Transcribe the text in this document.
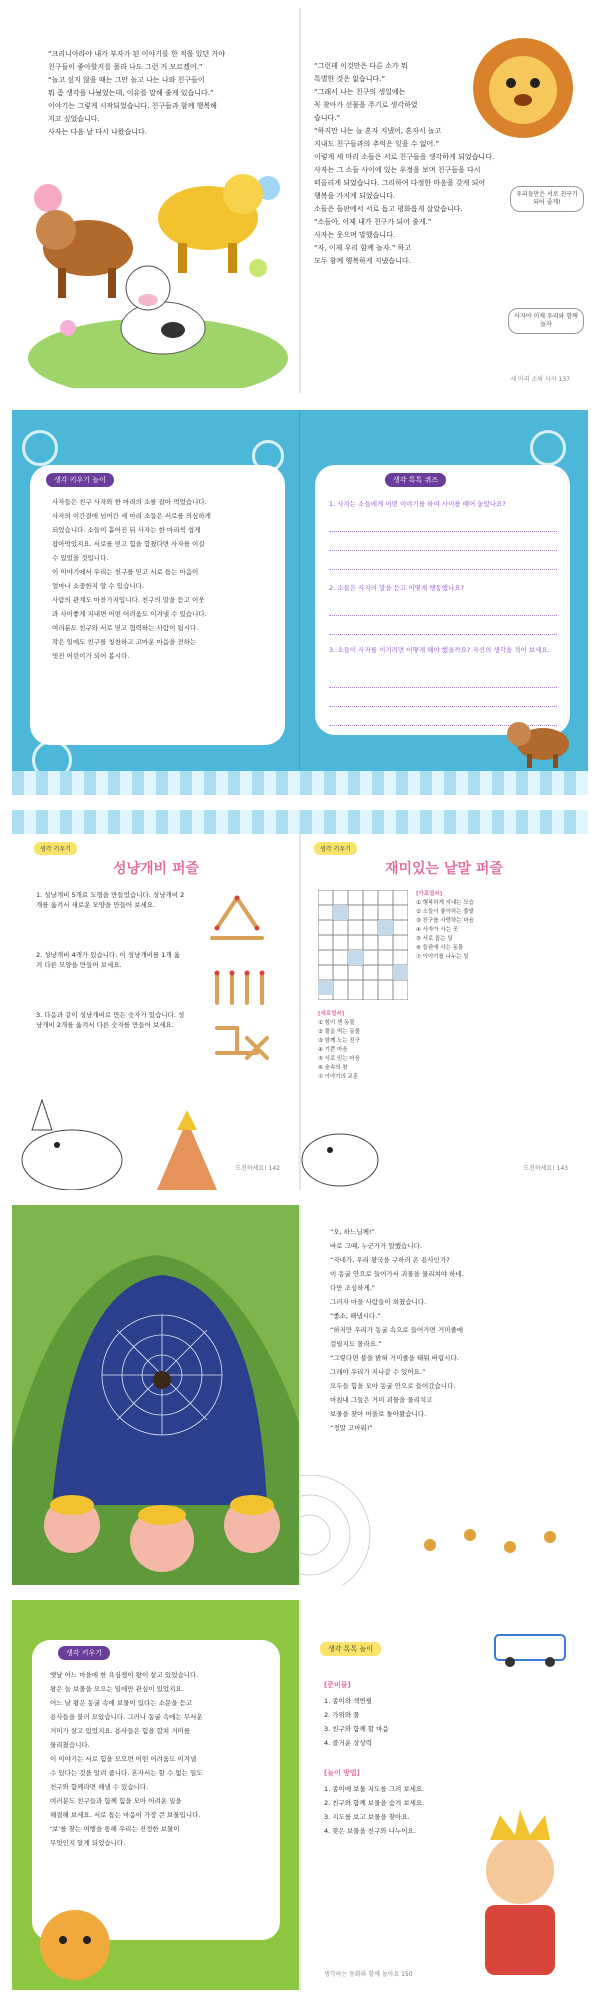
“크리니아라야 내가 부자가 된 이야기를 한 적을 있던 거야

친구들이 좋아할지를 몰라 나도 그런 거 모르겠어.”

“놀고 싶지 않을 때는 그만 놀고 나는 나와 친구들이

뭐 좀 생각을 나눴었는데, 이유를 말해 줄게 있습니다.”

이야기는 그렇게 시작되었습니다. 친구들과 함께 행복해

지고 싶었습니다.

사자는 다음 날 다시 나왔습니다.

“그런데 이것만은 다른 소가 뭐

특별한 것은 없습니다.”

“그래서 나는 친구의 생일에는

꼭 찾아가 선물을 주기로 생각하였

습니다.”

“하지만 나는 늘 혼자 지냈어, 혼자서 놀고

지내도 친구들과의 추억은 잊을 수 없어.”

이렇게 세 마리 소들은 서로 친구들을 생각하게 되었습니다.

사자는 그 소들 사이에 있는 우정을 보며 친구들을 다시

떠올리게 되었습니다. 그리하여 다정한 마음을 갖게 되어

행복을 가지게 되었습니다.

소들은 들판에서 서로 돕고 평화롭게 살았습니다.

“소들아, 이제 내가 친구가 되어 줄게.”

사자는 웃으며 말했습니다.

“자, 이제 우리 함께 놀자.” 하고

모두 함께 행복하게 지냈습니다.

우리들만은 서로 친구가 되어 줄게!
사자야 이제 우리와 함께 놀자
세 마리 소와 사자 137
생각 키우기 놀이

사자들은 친구 사자와 한 마리의 소를 잡아 먹었습니다.

사자의 이간질에 넘어간 세 마리 소들은 서로를 의심하게

되었습니다. 소들이 흩어진 뒤 사자는 한 마리씩 쉽게

잡아먹었지요. 서로를 믿고 힘을 합쳤다면 사자를 이길

수 있었을 것입니다.

이 이야기에서 우리는 친구를 믿고 서로 돕는 마음이

얼마나 소중한지 알 수 있습니다.

사람의 관계도 마찬가지입니다. 친구의 말을 듣고 이웃

과 사이좋게 지내면 어떤 어려움도 이겨낼 수 있습니다.

여러분도 친구와 서로 믿고 협력하는 사람이 됩시다.

작은 일에도 친구를 칭찬하고 고마운 마음을 전하는

멋진 어린이가 되어 봅시다.

생각 톡톡 퀴즈
1. 사자는 소들에게 어떤 이야기를 하여 사이를 떼어 놓았나요?
2. 소들은 사자의 말을 듣고 어떻게 행동했나요?
3. 소들이 사자를 이기려면 어떻게 해야 했을까요? 자신의 생각을 적어 보세요.
생각 키우기
성냥개비 퍼즐
1. 성냥개비 5개로 도형을 만들었습니다. 성냥개비 2개를 옮겨서 새로운 모양을 만들어 보세요.
2. 성냥개비 4개가 있습니다. 이 성냥개비를 1개 옮겨 다른 모양을 만들어 보세요.
3. 다음과 같이 성냥개비로 만든 숫자가 있습니다. 성냥개비 2개를 옮겨서 다른 숫자를 만들어 보세요.
도전하세요! 142
생각 키우기
재미있는 낱말 퍼즐
[가로열쇠]
① 행복하게 지내는 모습
② 소들이 좋아하는 풀밭
③ 친구를 사랑하는 마음
④ 사자가 사는 곳
⑤ 서로 돕는 일
⑥ 들판에 사는 동물
⑦ 이야기를 나누는 일
[세로열쇠]
① 힘이 센 동물
② 풀을 먹는 동물
③ 함께 노는 친구
④ 기쁜 마음
⑤ 서로 믿는 마음
⑥ 숲속의 왕
⑦ 이야기의 교훈
도전하세요! 143

“오, 하느님께!”

바로 그때, 누군가가 말했습니다.

“자네가, 우리 왕국을 구하러 온 용사인가?

이 동굴 안으로 들어가서 괴물을 물리쳐야 하네.

다만 조심하게.”

그러자 마을 사람들이 외쳤습니다.

“좋소, 해냅시다.”

“하지만 우리가 동굴 속으로 들어가면 거미줄에

걸릴지도 몰라요.”

“그렇다면 불을 밝혀 거미줄을 태워 버립시다.

그래야 우리가 지나갈 수 있어요.”

모두들 힘을 모아 동굴 안으로 들어갔습니다.

마침내 그들은 거미 괴물을 물리치고

보물을 찾아 마을로 돌아왔습니다.

“정말 고마워!”

생각 키우기

옛날 어느 마을에 한 욕심쟁이 왕이 살고 있었습니다.

왕은 늘 보물을 모으는 일에만 관심이 있었지요.

어느 날 왕은 동굴 속에 보물이 있다는 소문을 듣고

용사들을 불러 모았습니다. 그러나 동굴 속에는 무서운

거미가 살고 있었지요. 용사들은 힘을 합쳐 거미를

물리쳤습니다.

이 이야기는 서로 힘을 모으면 어떤 어려움도 이겨낼

수 있다는 것을 알려 줍니다. 혼자서는 할 수 없는 일도

친구와 함께라면 해낼 수 있습니다.

여러분도 친구들과 함께 힘을 모아 어려운 일을

해결해 보세요. 서로 돕는 마음이 가장 큰 보물입니다.

‘보’를 찾는 여행을 통해 우리는 진정한 보물이

무엇인지 알게 되었습니다.

생각 톡톡 놀이
[준비물]

1. 종이와 색연필

2. 가위와 풀

3. 친구와 함께 할 마음

4. 즐거운 상상력

[놀이 방법]

1. 종이에 보물 지도를 그려 보세요.

2. 친구와 함께 보물을 숨겨 보세요.

3. 지도를 보고 보물을 찾아요.

4. 찾은 보물을 친구와 나누어요.

생각하는 동화와 함께 놀아요 150
